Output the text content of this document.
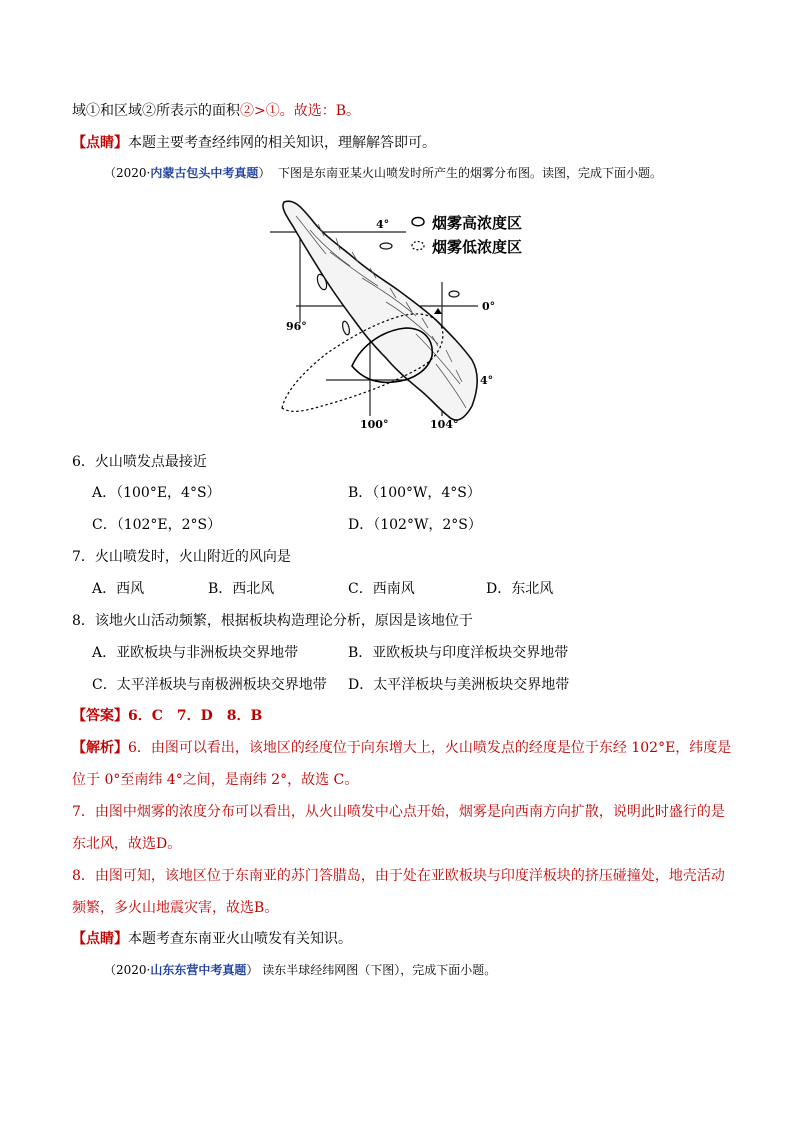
域①和区域②所表示的面积②>①。故选：B。
【点睛】本题主要考查经纬网的相关知识，理解解答即可。
（2020·内蒙古包头中考真题） 下图是东南亚某火山喷发时所产生的烟雾分布图。读图，完成下面小题。
烟雾高浓度区
烟雾低浓度区
4°
0°
4°
96°
100°	104°
6．火山喷发点最接近
A．（100°E，4°S）	B．（100°W，4°S）
C．（102°E，2°S）	D．（102°W，2°S）
7．火山喷发时，火山附近的风向是
A．西风	B．西北风	C．西南风	D．东北风
8．该地火山活动频繁，根据板块构造理论分析，原因是该地位于
A．亚欧板块与非洲板块交界地带	B．亚欧板块与印度洋板块交界地带
C．太平洋板块与南极洲板块交界地带 D．太平洋板块与美洲板块交界地带
【答案】6．C　7．D　8．B
【解析】6．由图可以看出，该地区的经度位于向东增大上，火山喷发点的经度是位于东经 102°E，纬度是
位于 0°至南纬 4°之间，是南纬 2°，故选 C。
7．由图中烟雾的浓度分布可以看出，从火山喷发中心点开始，烟雾是向西南方向扩散，说明此时盛行的是
东北风，故选D。
8．由图可知，该地区位于东南亚的苏门答腊岛，由于处在亚欧板块与印度洋板块的挤压碰撞处，地壳活动
频繁，多火山地震灾害，故选B。
【点睛】本题考查东南亚火山喷发有关知识。
（2020·山东东营中考真题） 读东半球经纬网图（下图），完成下面小题。
